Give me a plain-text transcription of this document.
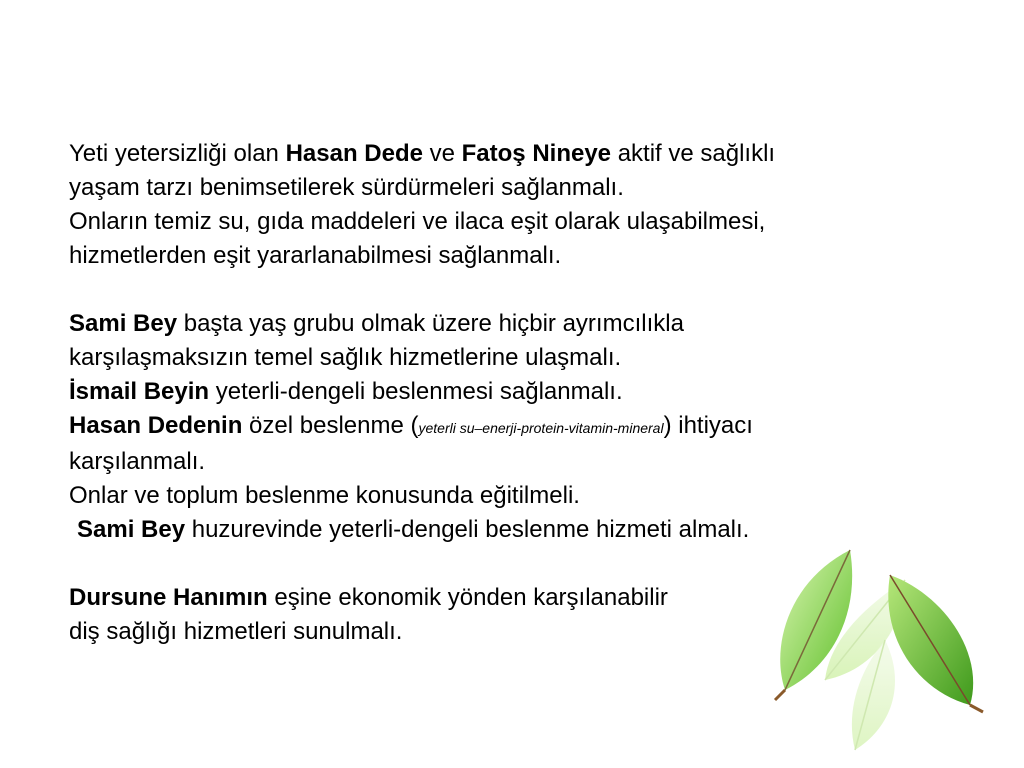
Yeti yetersizliği olan Hasan Dede ve Fatoş Nineye aktif ve sağlıklı

yaşam tarzı benimsetilerek sürdürmeleri sağlanmalı.

Onların temiz su, gıda maddeleri ve ilaca eşit olarak ulaşabilmesi,

hizmetlerden eşit yararlanabilmesi sağlanmalı.

Sami Bey başta yaş grubu olmak üzere hiçbir ayrımcılıkla

karşılaşmaksızın temel sağlık hizmetlerine ulaşmalı.

İsmail Beyin yeterli-dengeli beslenmesi sağlanmalı.

Hasan Dedenin özel beslenme (yeterli su–enerji-protein-vitamin-mineral) ihtiyacı

karşılanmalı.

Onlar ve toplum beslenme konusunda eğitilmeli.

Sami Bey huzurevinde yeterli-dengeli beslenme hizmeti almalı.

Dursune Hanımın eşine ekonomik yönden karşılanabilir

diş sağlığı hizmetleri sunulmalı.
